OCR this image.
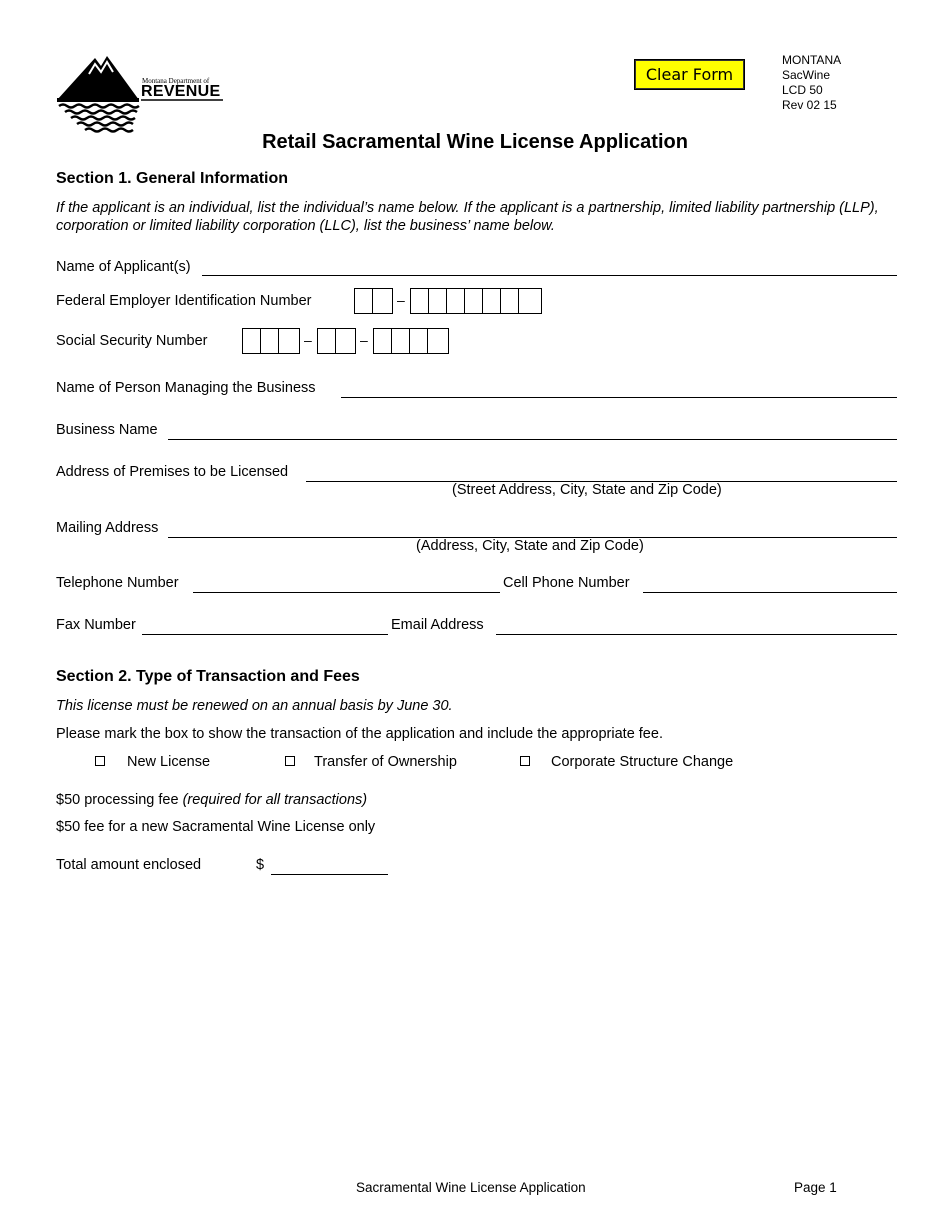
Montana Department of
REVENUE
Clear Form
MONTANA
SacWine
LCD 50
Rev 02 15
Retail Sacramental Wine License Application
Section 1. General Information
If the applicant is an individual, list the individual’s name below. If the applicant is a partnership, limited liability partnership (LLP), corporation or limited liability corporation (LLC), list the business’ name below.
Name of Applicant(s)
Federal Employer Identification Number	–
Social Security Number	–	–
Name of Person Managing the Business
Business Name
Address of Premises to be Licensed
(Street Address, City, State and Zip Code)
Mailing Address
(Address, City, State and Zip Code)
Telephone Number	Cell Phone Number
Fax Number	Email Address
Section 2. Type of Transaction and Fees
This license must be renewed on an annual basis by June 30.
Please mark the box to show the transaction of the application and include the appropriate fee.
New License	Transfer of Ownership	Corporate Structure Change
$50 processing fee (required for all transactions)
$50 fee for a new Sacramental Wine License only
Total amount enclosed	$
Sacramental Wine License Application	Page 1
